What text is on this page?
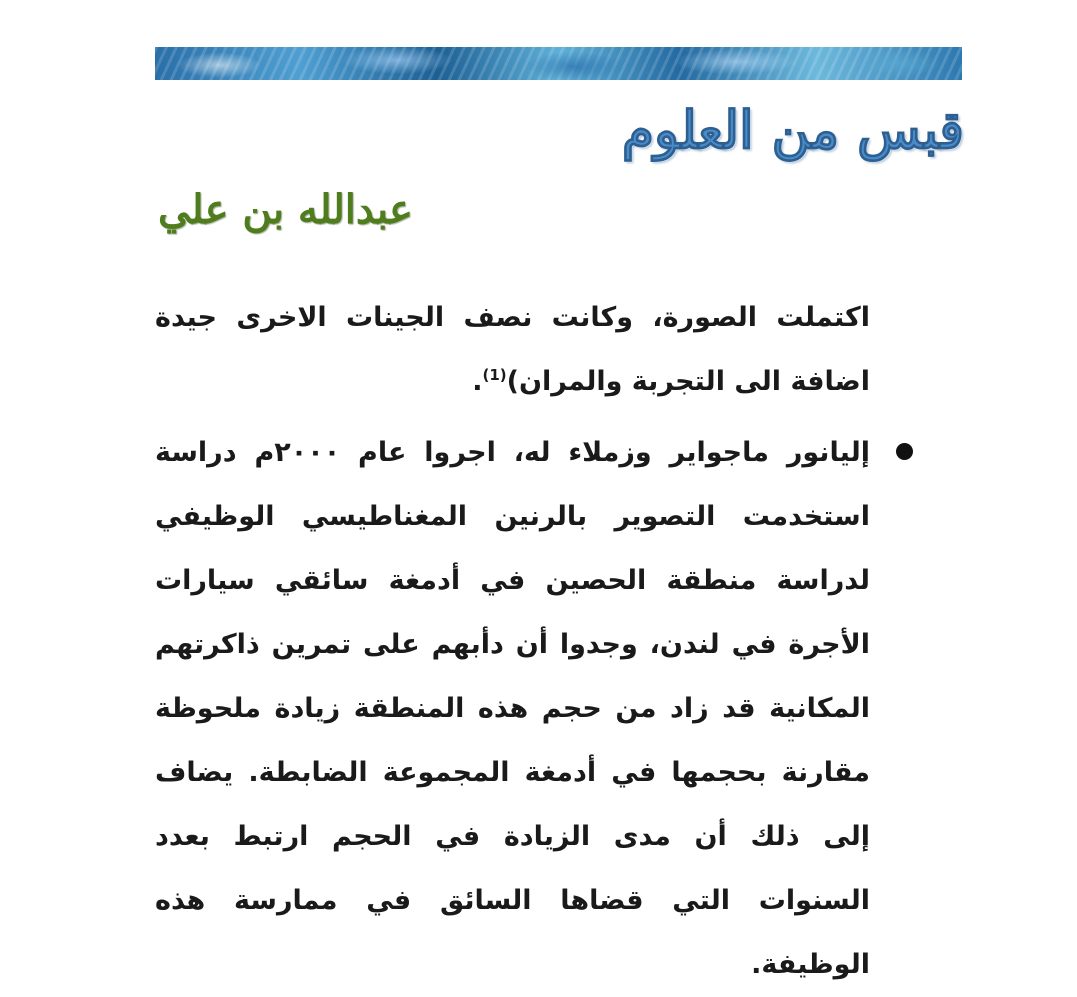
قبس من العلوم
عبدالله بن علي
اكتملت الصورة، وكانت نصف الجينات الاخرى جيدة اضافة الى التجربة والمران)$^{(1)}$.
إليانور ماجواير وزملاء له، اجروا عام ٢٠٠٠م دراسة استخدمت التصوير بالرنين المغناطيسي الوظيفي لدراسة منطقة الحصين في أدمغة سائقي سيارات الأجرة في لندن، وجدوا أن دأبهم على تمرين ذاكرتهم المكانية قد زاد من حجم هذه المنطقة زيادة ملحوظة مقارنة بحجمها في أدمغة المجموعة الضابطة. يضاف إلى ذلك أن مدى الزيادة في الحجم ارتبط بعدد السنوات التي قضاها السائق في ممارسة هذه الوظيفة.
